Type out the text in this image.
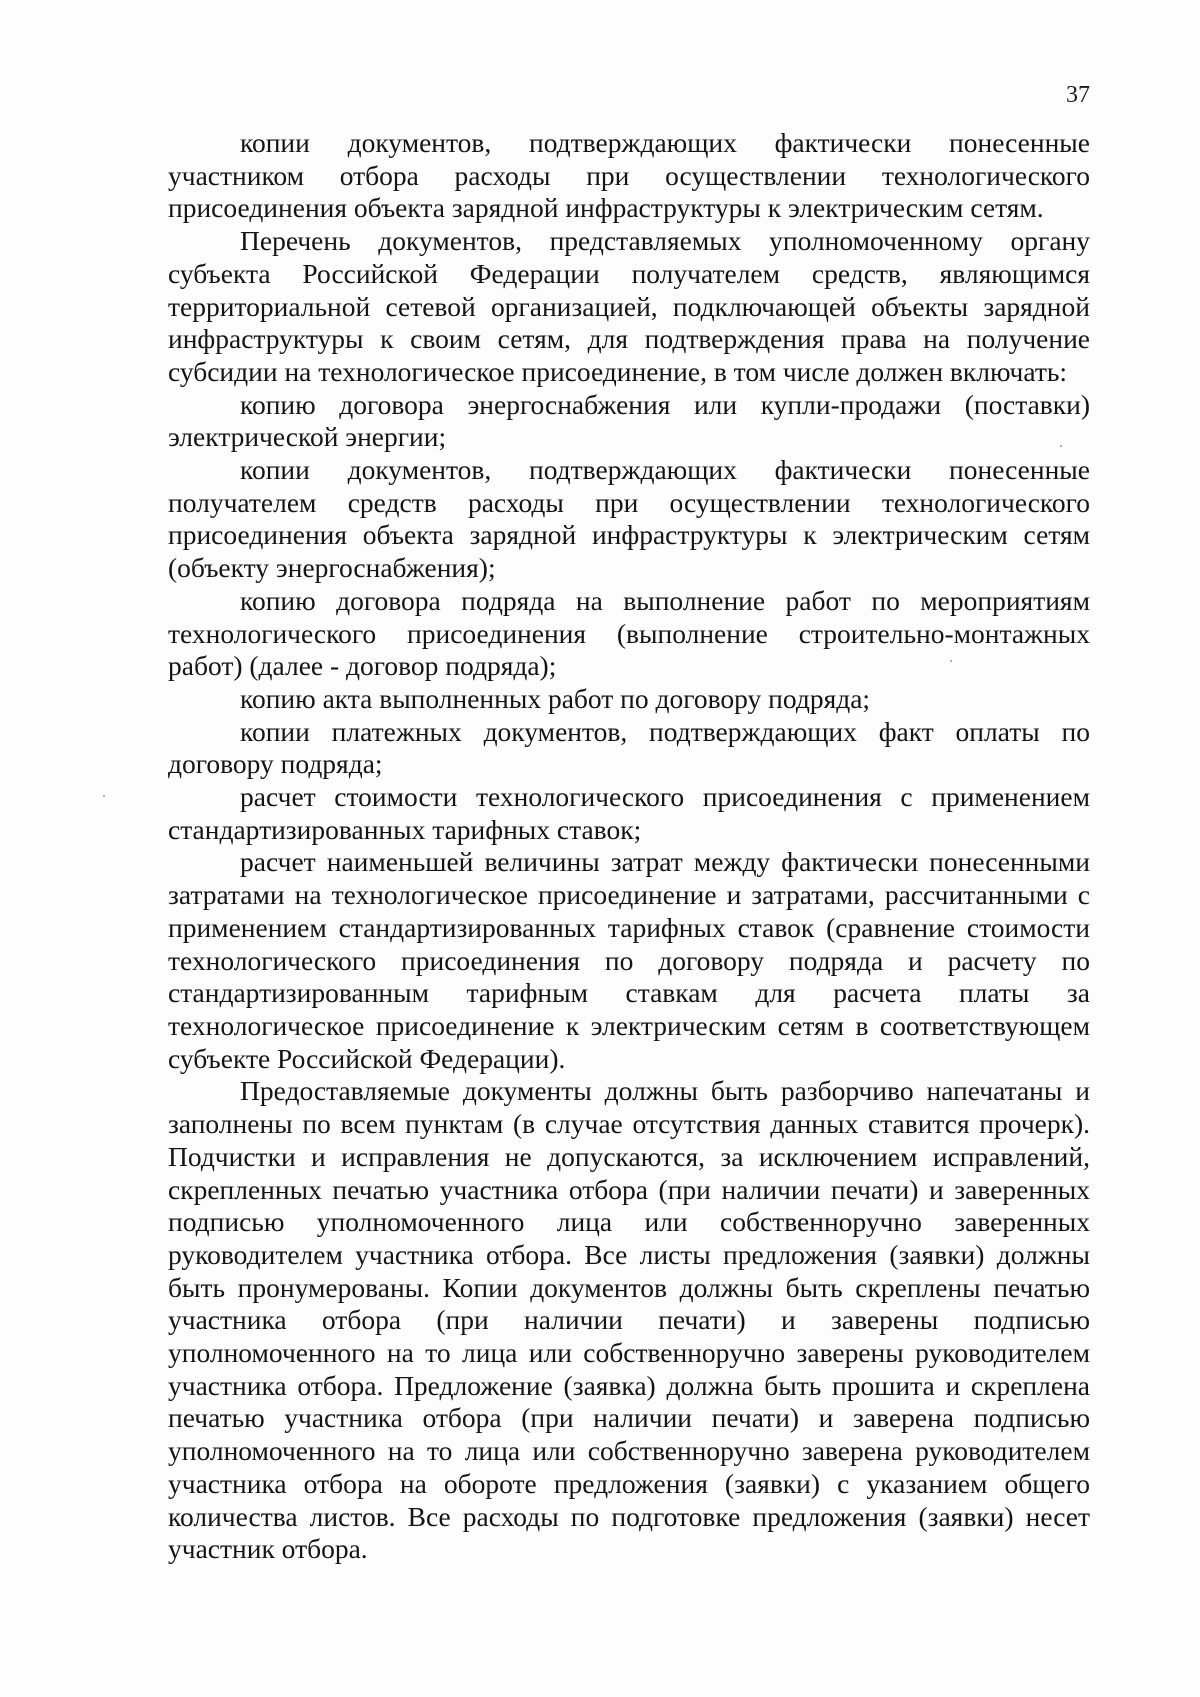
37

копии документов, подтверждающих фактически понесенные участником отбора расходы при осуществлении технологического присоединения объекта зарядной инфраструктуры к электрическим сетям.

Перечень документов, представляемых уполномоченному органу субъекта Российской Федерации получателем средств, являющимся территориальной сетевой организацией, подключающей объекты зарядной инфраструктуры к своим сетям, для подтверждения права на получение субсидии на технологическое присоединение, в том числе должен включать:

копию договора энергоснабжения или купли-продажи (поставки) электрической энергии;

копии документов, подтверждающих фактически понесенные получателем средств расходы при осуществлении технологического присоединения объекта зарядной инфраструктуры к электрическим сетям (объекту энергоснабжения);

копию договора подряда на выполнение работ по мероприятиям технологического присоединения (выполнение строительно-монтажных работ) (далее - договор подряда);

копию акта выполненных работ по договору подряда;

копии платежных документов, подтверждающих факт оплаты по договору подряда;

расчет стоимости технологического присоединения с применением стандартизированных тарифных ставок;

расчет наименьшей величины затрат между фактически понесенными затратами на технологическое присоединение и затратами, рассчитанными с применением стандартизированных тарифных ставок (сравнение стоимости технологического присоединения по договору подряда и расчету по стандартизированным тарифным ставкам для расчета платы за технологическое присоединение к электрическим сетям в соответствующем субъекте Российской Федерации).

Предоставляемые документы должны быть разборчиво напечатаны и заполнены по всем пунктам (в случае отсутствия данных ставится прочерк). Подчистки и исправления не допускаются, за исключением исправлений, скрепленных печатью участника отбора (при наличии печати) и заверенных подписью уполномоченного лица или собственноручно заверенных руководителем участника отбора. Все листы предложения (заявки) должны быть пронумерованы. Копии документов должны быть скреплены печатью участника отбора (при наличии печати) и заверены подписью уполномоченного на то лица или собственноручно заверены руководителем участника отбора. Предложение (заявка) должна быть прошита и скреплена печатью участника отбора (при наличии печати) и заверена подписью уполномоченного на то лица или собственноручно заверена руководителем участника отбора на обороте предложения (заявки) с указанием общего количества листов. Все расходы по подготовке предложения (заявки) несет участник отбора.
